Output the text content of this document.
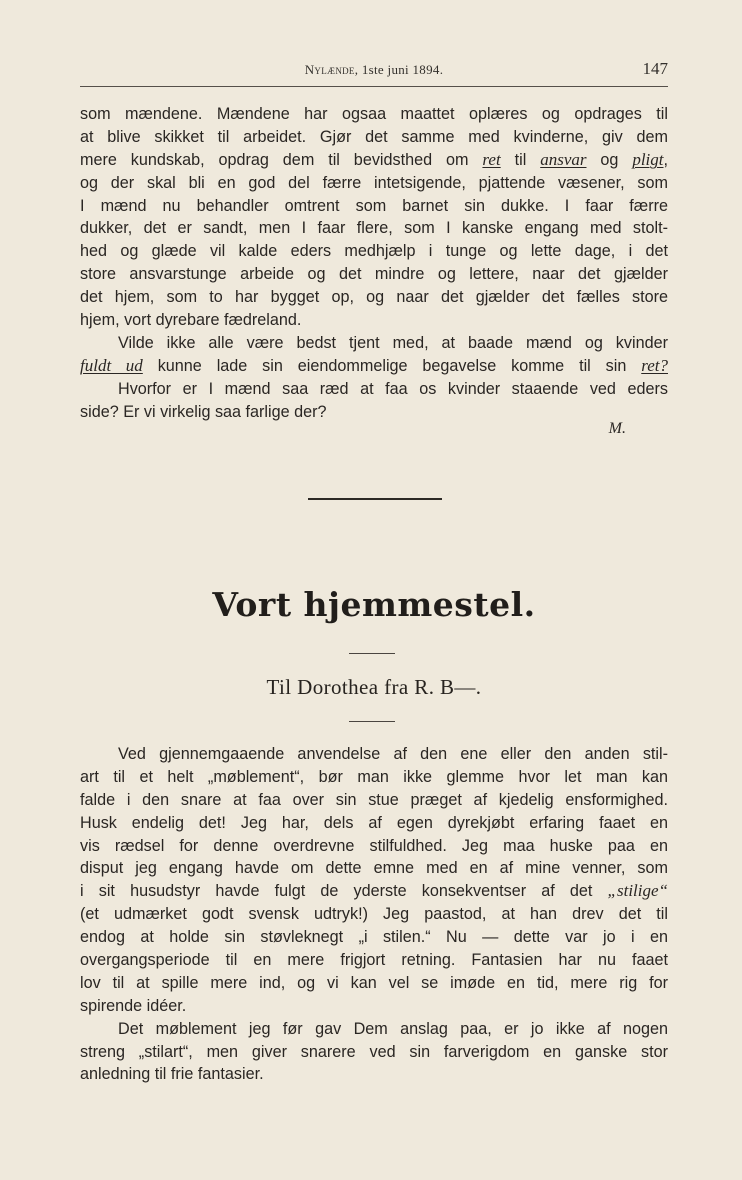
Nylænde, 1ste juni 1894.	147
som mændene. Mændene har ogsaa maattet oplæres og opdrages til
at blive skikket til arbeidet. Gjør det samme med kvinderne, giv dem
mere kundskab, opdrag dem til bevidsthed om ret til ansvar og pligt,
og der skal bli en god del færre intetsigende, pjattende væsener, som
I mænd nu behandler omtrent som barnet sin dukke. I faar færre
dukker, det er sandt, men I faar flere, som I kanske engang med stolt-
hed og glæde vil kalde eders medhjælp i tunge og lette dage, i det
store ansvarstunge arbeide og det mindre og lettere, naar det gjælder
det hjem, som to har bygget op, og naar det gjælder det fælles store
hjem, vort dyrebare fædreland.
Vilde ikke alle være bedst tjent med, at baade mænd og kvinder
fuldt ud kunne lade sin eiendommelige begavelse komme til sin ret?
Hvorfor er I mænd saa ræd at faa os kvinder staaende ved eders
side? Er vi virkelig saa farlige der?
M.
Vort hjemmestel.
Til Dorothea fra R. B—.
Ved gjennemgaaende anvendelse af den ene eller den anden stil-
art til et helt „møblement“, bør man ikke glemme hvor let man kan
falde i den snare at faa over sin stue præget af kjedelig ensformighed.
Husk endelig det! Jeg har, dels af egen dyrekjøbt erfaring faaet en
vis rædsel for denne overdrevne stilfuldhed. Jeg maa huske paa en
disput jeg engang havde om dette emne med en af mine venner, som
i sit husudstyr havde fulgt de yderste konsekventser af det „stilige“
(et udmærket godt svensk udtryk!) Jeg paastod, at han drev det til
endog at holde sin støvleknegt „i stilen.“ Nu — dette var jo i en
overgangsperiode til en mere frigjort retning. Fantasien har nu faaet
lov til at spille mere ind, og vi kan vel se imøde en tid, mere rig for
spirende idéer.
Det møblement jeg før gav Dem anslag paa, er jo ikke af nogen
streng „stilart“, men giver snarere ved sin farverigdom en ganske stor
anledning til frie fantasier.
